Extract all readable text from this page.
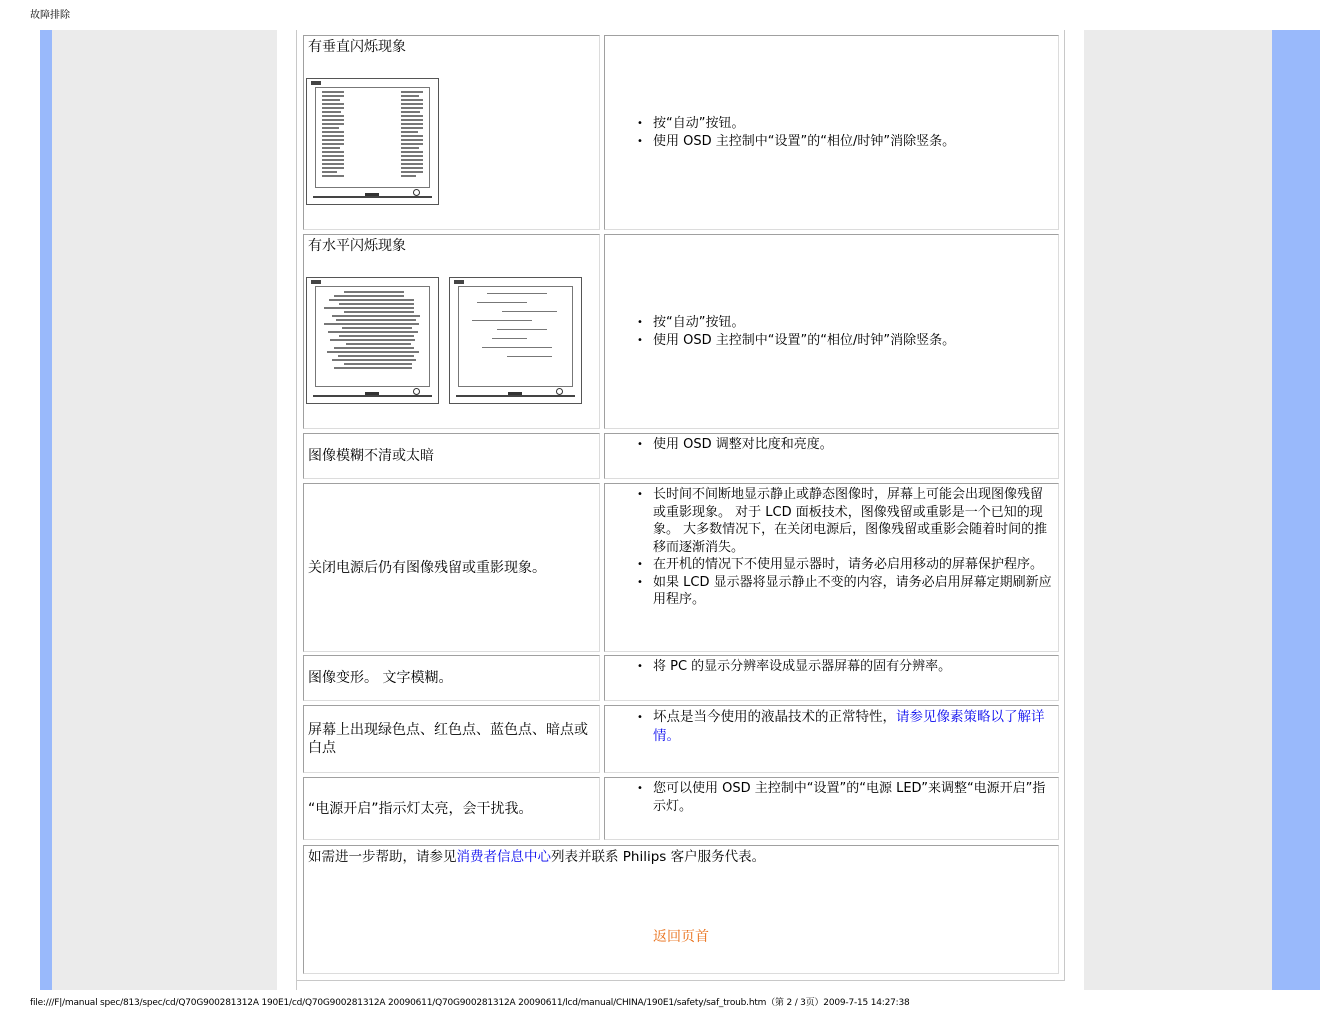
故障排除
有垂直闪烁现象
• 按“自动”按钮。
• 使用 OSD 主控制中“设置”的“相位/时钟”消除竖条。
有水平闪烁现象
• 按“自动”按钮。
• 使用 OSD 主控制中“设置”的“相位/时钟”消除竖条。
图像模糊不清或太暗
• 使用 OSD 调整对比度和亮度。
关闭电源后仍有图像残留或重影现象。
• 长时间不间断地显示静止或静态图像时，屏幕上可能会出现图像残留或重影现象。 对于 LCD 面板技术，图像残留或重影是一个已知的现象。 大多数情况下，在关闭电源后，图像残留或重影会随着时间的推移而逐渐消失。
• 在开机的情况下不使用显示器时，请务必启用移动的屏幕保护程序。
• 如果 LCD 显示器将显示静止不变的内容，请务必启用屏幕定期刷新应用程序。
图像变形。 文字模糊。
• 将 PC 的显示分辨率设成显示器屏幕的固有分辨率。
屏幕上出现绿色点、红色点、蓝色点、暗点或白点
• 坏点是当今使用的液晶技术的正常特性，请参见像素策略以了解详情。
“电源开启”指示灯太亮，会干扰我。
• 您可以使用 OSD 主控制中“设置”的“电源 LED”来调整“电源开启”指示灯。
如需进一步帮助，请参见消费者信息中心列表并联系 Philips 客户服务代表。
返回页首
file:///F|/manual spec/813/spec/cd/Q70G900281312A 190E1/cd/Q70G900281312A 20090611/Q70G900281312A 20090611/lcd/manual/CHINA/190E1/safety/saf_troub.htm（第 2 / 3页）2009-7-15 14:27:38
